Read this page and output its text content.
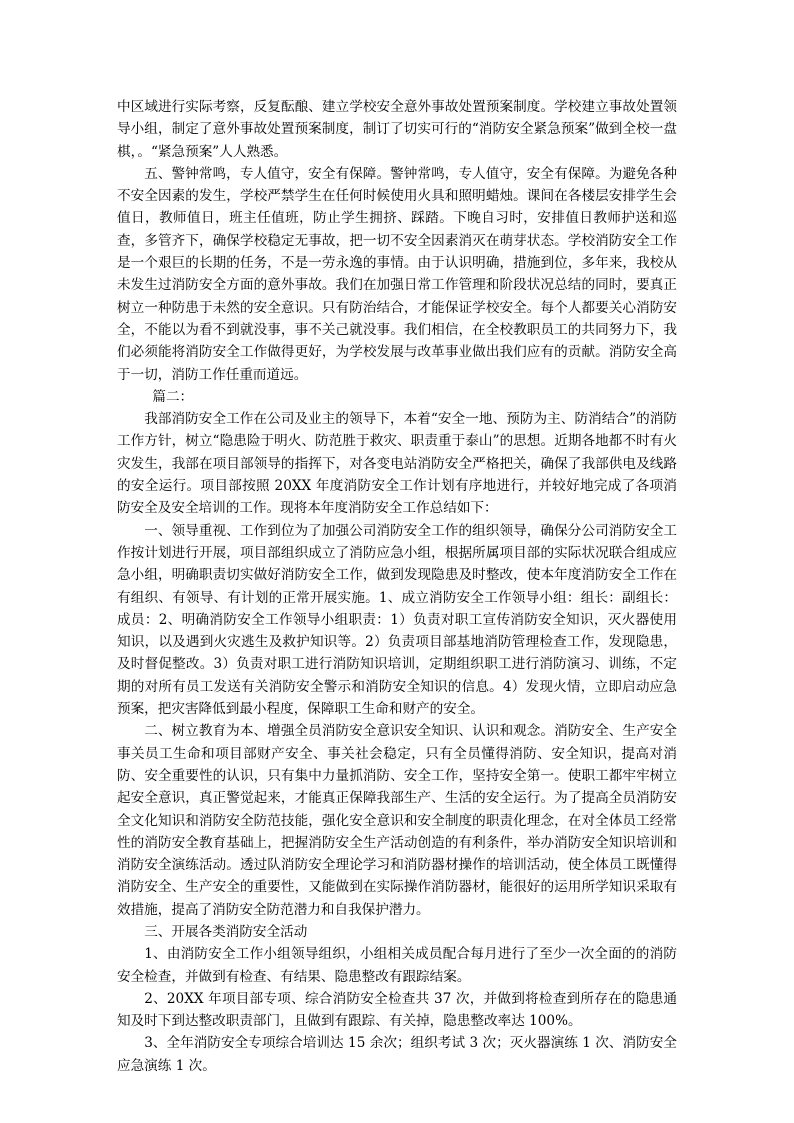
中区域进行实际考察，反复酝酿、建立学校安全意外事故处置预案制度。学校建立事故处置领导小组，制定了意外事故处置预案制度，制订了切实可行的“消防安全紧急预案”做到全校一盘棋，。“紧急预案”人人熟悉。

五、警钟常鸣，专人值守，安全有保障。警钟常鸣，专人值守，安全有保障。为避免各种不安全因素的发生，学校严禁学生在任何时候使用火具和照明蜡烛。课间在各楼层安排学生会值日，教师值日，班主任值班，防止学生拥挤、踩踏。下晚自习时，安排值日教师护送和巡查，多管齐下，确保学校稳定无事故，把一切不安全因素消灭在萌芽状态。学校消防安全工作是一个艰巨的长期的任务，不是一劳永逸的事情。由于认识明确，措施到位，多年来，我校从未发生过消防安全方面的意外事故。我们在加强日常工作管理和阶段状况总结的同时，要真正树立一种防患于未然的安全意识。只有防治结合，才能保证学校安全。每个人都要关心消防安全，不能以为看不到就没事，事不关己就没事。我们相信，在全校教职员工的共同努力下，我们必须能将消防安全工作做得更好，为学校发展与改革事业做出我们应有的贡献。消防安全高于一切，消防工作任重而道远。

篇二：

我部消防安全工作在公司及业主的领导下，本着“安全一地、预防为主、防消结合”的消防工作方针，树立“隐患险于明火、防范胜于救灾、职责重于泰山”的思想。近期各地都不时有火灾发生，我部在项目部领导的指挥下，对各变电站消防安全严格把关，确保了我部供电及线路的安全运行。项目部按照 20XX 年度消防安全工作计划有序地进行，并较好地完成了各项消防安全及安全培训的工作。现将本年度消防安全工作总结如下：

一、领导重视、工作到位为了加强公司消防安全工作的组织领导，确保分公司消防安全工作按计划进行开展，项目部组织成立了消防应急小组，根据所属项目部的实际状况联合组成应急小组，明确职责切实做好消防安全工作，做到发现隐患及时整改，使本年度消防安全工作在有组织、有领导、有计划的正常开展实施。1、成立消防安全工作领导小组：组长：副组长：成员：2、明确消防安全工作领导小组职责：1）负责对职工宣传消防安全知识，灭火器使用知识，以及遇到火灾逃生及救护知识等。2）负责项目部基地消防管理检查工作，发现隐患，及时督促整改。3）负责对职工进行消防知识培训，定期组织职工进行消防演习、训练，不定期的对所有员工发送有关消防安全警示和消防安全知识的信息。4）发现火情，立即启动应急预案，把灾害降低到最小程度，保障职工生命和财产的安全。

二、树立教育为本、增强全员消防安全意识安全知识、认识和观念。消防安全、生产安全事关员工生命和项目部财产安全、事关社会稳定，只有全员懂得消防、安全知识，提高对消防、安全重要性的认识，只有集中力量抓消防、安全工作，坚持安全第一。使职工都牢牢树立起安全意识，真正警觉起来，才能真正保障我部生产、生活的安全运行。为了提高全员消防安全文化知识和消防安全防范技能，强化安全意识和安全制度的职责化理念，在对全体员工经常性的消防安全教育基础上，把握消防安全生产活动创造的有利条件，举办消防安全知识培训和消防安全演练活动。透过队消防安全理论学习和消防器材操作的培训活动，使全体员工既懂得消防安全、生产安全的重要性，又能做到在实际操作消防器材，能很好的运用所学知识采取有效措施，提高了消防安全防范潜力和自我保护潜力。

三、开展各类消防安全活动

1、由消防安全工作小组领导组织，小组相关成员配合每月进行了至少一次全面的的消防安全检查，并做到有检查、有结果、隐患整改有跟踪结案。

2、20XX 年项目部专项、综合消防安全检查共 37 次，并做到将检查到所存在的隐患通知及时下到达整改职责部门，且做到有跟踪、有关掉，隐患整改率达 100%。

3、全年消防安全专项综合培训达 15 余次；组织考试 3 次；灭火器演练 1 次、消防安全应急演练 1 次。
